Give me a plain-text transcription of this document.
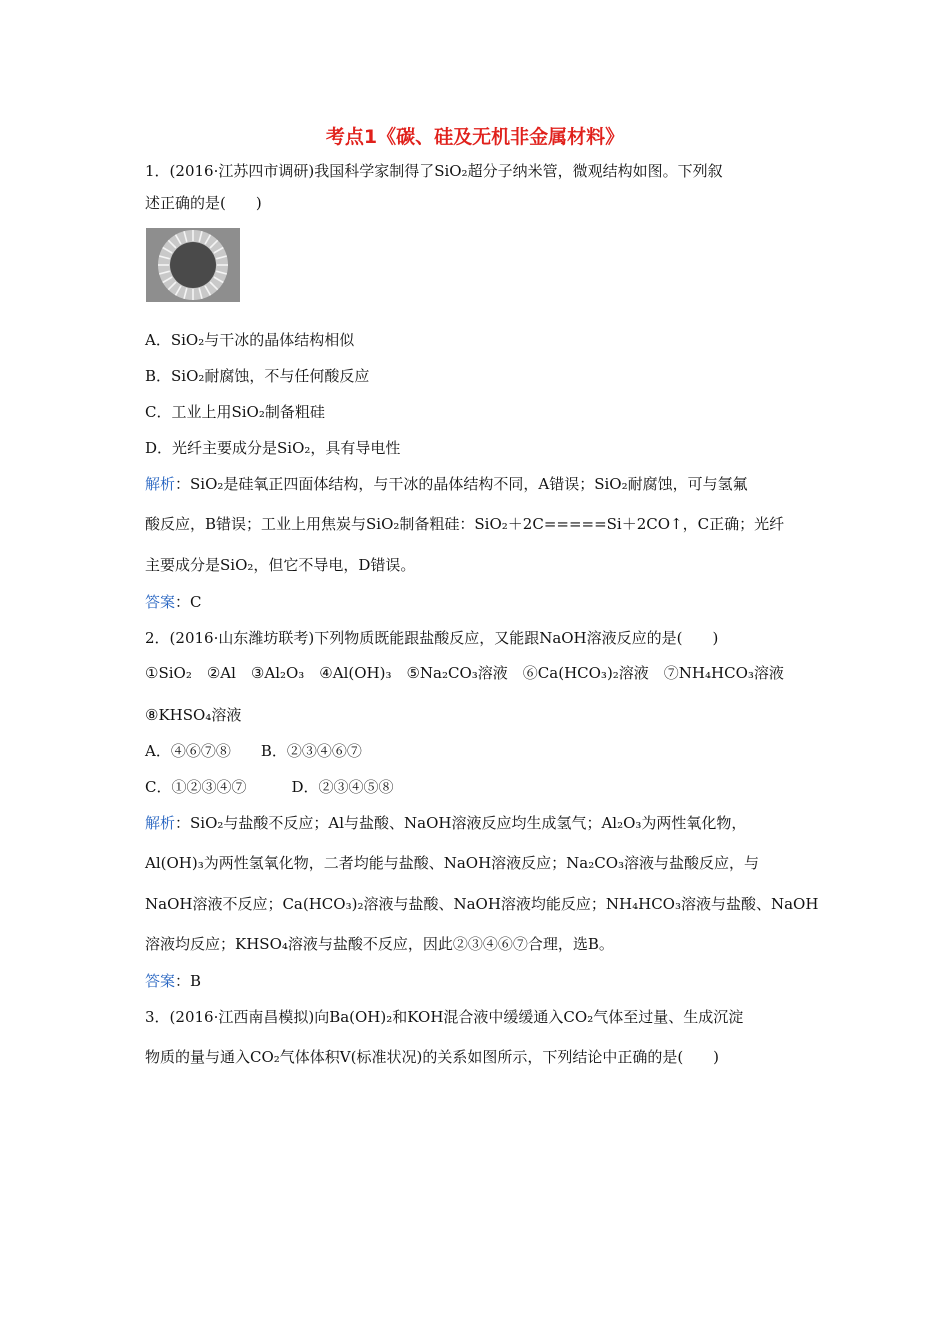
考点1《碳、硅及无机非金属材料》
1．(2016·江苏四市调研)我国科学家制得了SiO₂超分子纳米管，微观结构如图。下列叙
述正确的是(　　)
A．SiO₂与干冰的晶体结构相似
B．SiO₂耐腐蚀，不与任何酸反应
C．工业上用SiO₂制备粗硅
D．光纤主要成分是SiO₂，具有导电性
解析：SiO₂是硅氧正四面体结构，与干冰的晶体结构不同，A错误；SiO₂耐腐蚀，可与氢氟
酸反应，B错误；工业上用焦炭与SiO₂制备粗硅：SiO₂＋2C=====Si＋2CO↑，C正确；光纤
主要成分是SiO₂，但它不导电，D错误。
答案：C
2．(2016·山东潍坊联考)下列物质既能跟盐酸反应，又能跟NaOH溶液反应的是(　　)
①SiO₂　②Al　③Al₂O₃　④Al(OH)₃　⑤Na₂CO₃溶液　⑥Ca(HCO₃)₂溶液　⑦NH₄HCO₃溶液
⑧KHSO₄溶液
A．④⑥⑦⑧　　B．②③④⑥⑦
C．①②③④⑦　　　D．②③④⑤⑧
解析：SiO₂与盐酸不反应；Al与盐酸、NaOH溶液反应均生成氢气；Al₂O₃为两性氧化物，
Al(OH)₃为两性氢氧化物，二者均能与盐酸、NaOH溶液反应；Na₂CO₃溶液与盐酸反应，与
NaOH溶液不反应；Ca(HCO₃)₂溶液与盐酸、NaOH溶液均能反应；NH₄HCO₃溶液与盐酸、NaOH
溶液均反应；KHSO₄溶液与盐酸不反应，因此②③④⑥⑦合理，选B。
答案：B
3．(2016·江西南昌模拟)向Ba(OH)₂和KOH混合液中缓缓通入CO₂气体至过量、生成沉淀
物质的量与通入CO₂气体体积V(标准状况)的关系如图所示，下列结论中正确的是(　　)
